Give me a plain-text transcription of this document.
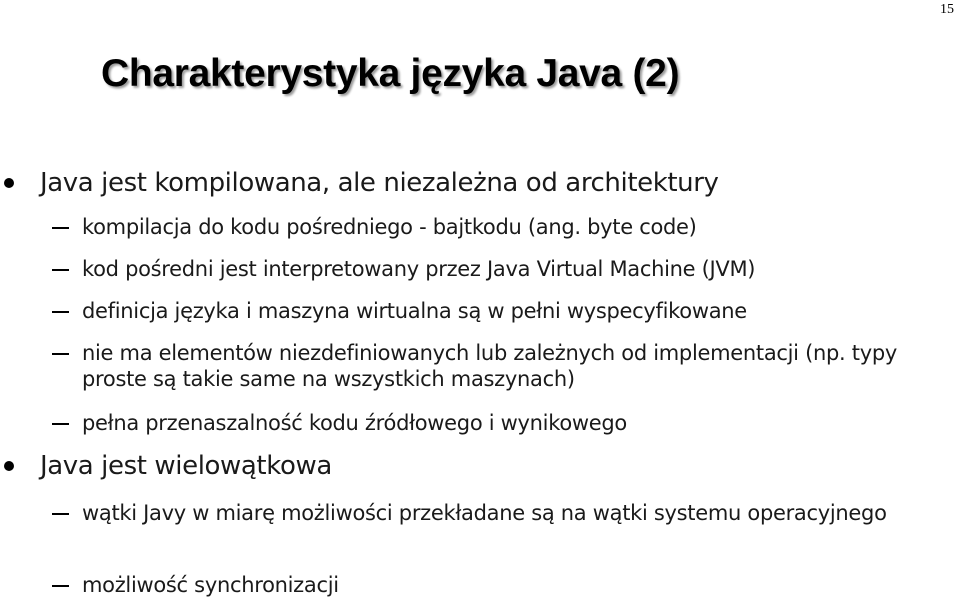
15
Charakterystyka języka Java (2)
Java jest kompilowana, ale niezależna od architektury
kompilacja do kodu pośredniego - bajtkodu (ang. byte code)
kod pośredni jest interpretowany przez Java Virtual Machine (JVM)
definicja języka i maszyna wirtualna są w pełni wyspecyfikowane
nie ma elementów niezdefiniowanych lub zależnych od implementacji (np. typy proste są takie same na wszystkich maszynach)
pełna przenaszalność kodu źródłowego i wynikowego
Java jest wielowątkowa
wątki Javy w miarę możliwości przekładane są na wątki systemu operacyjnego
możliwość synchronizacji
